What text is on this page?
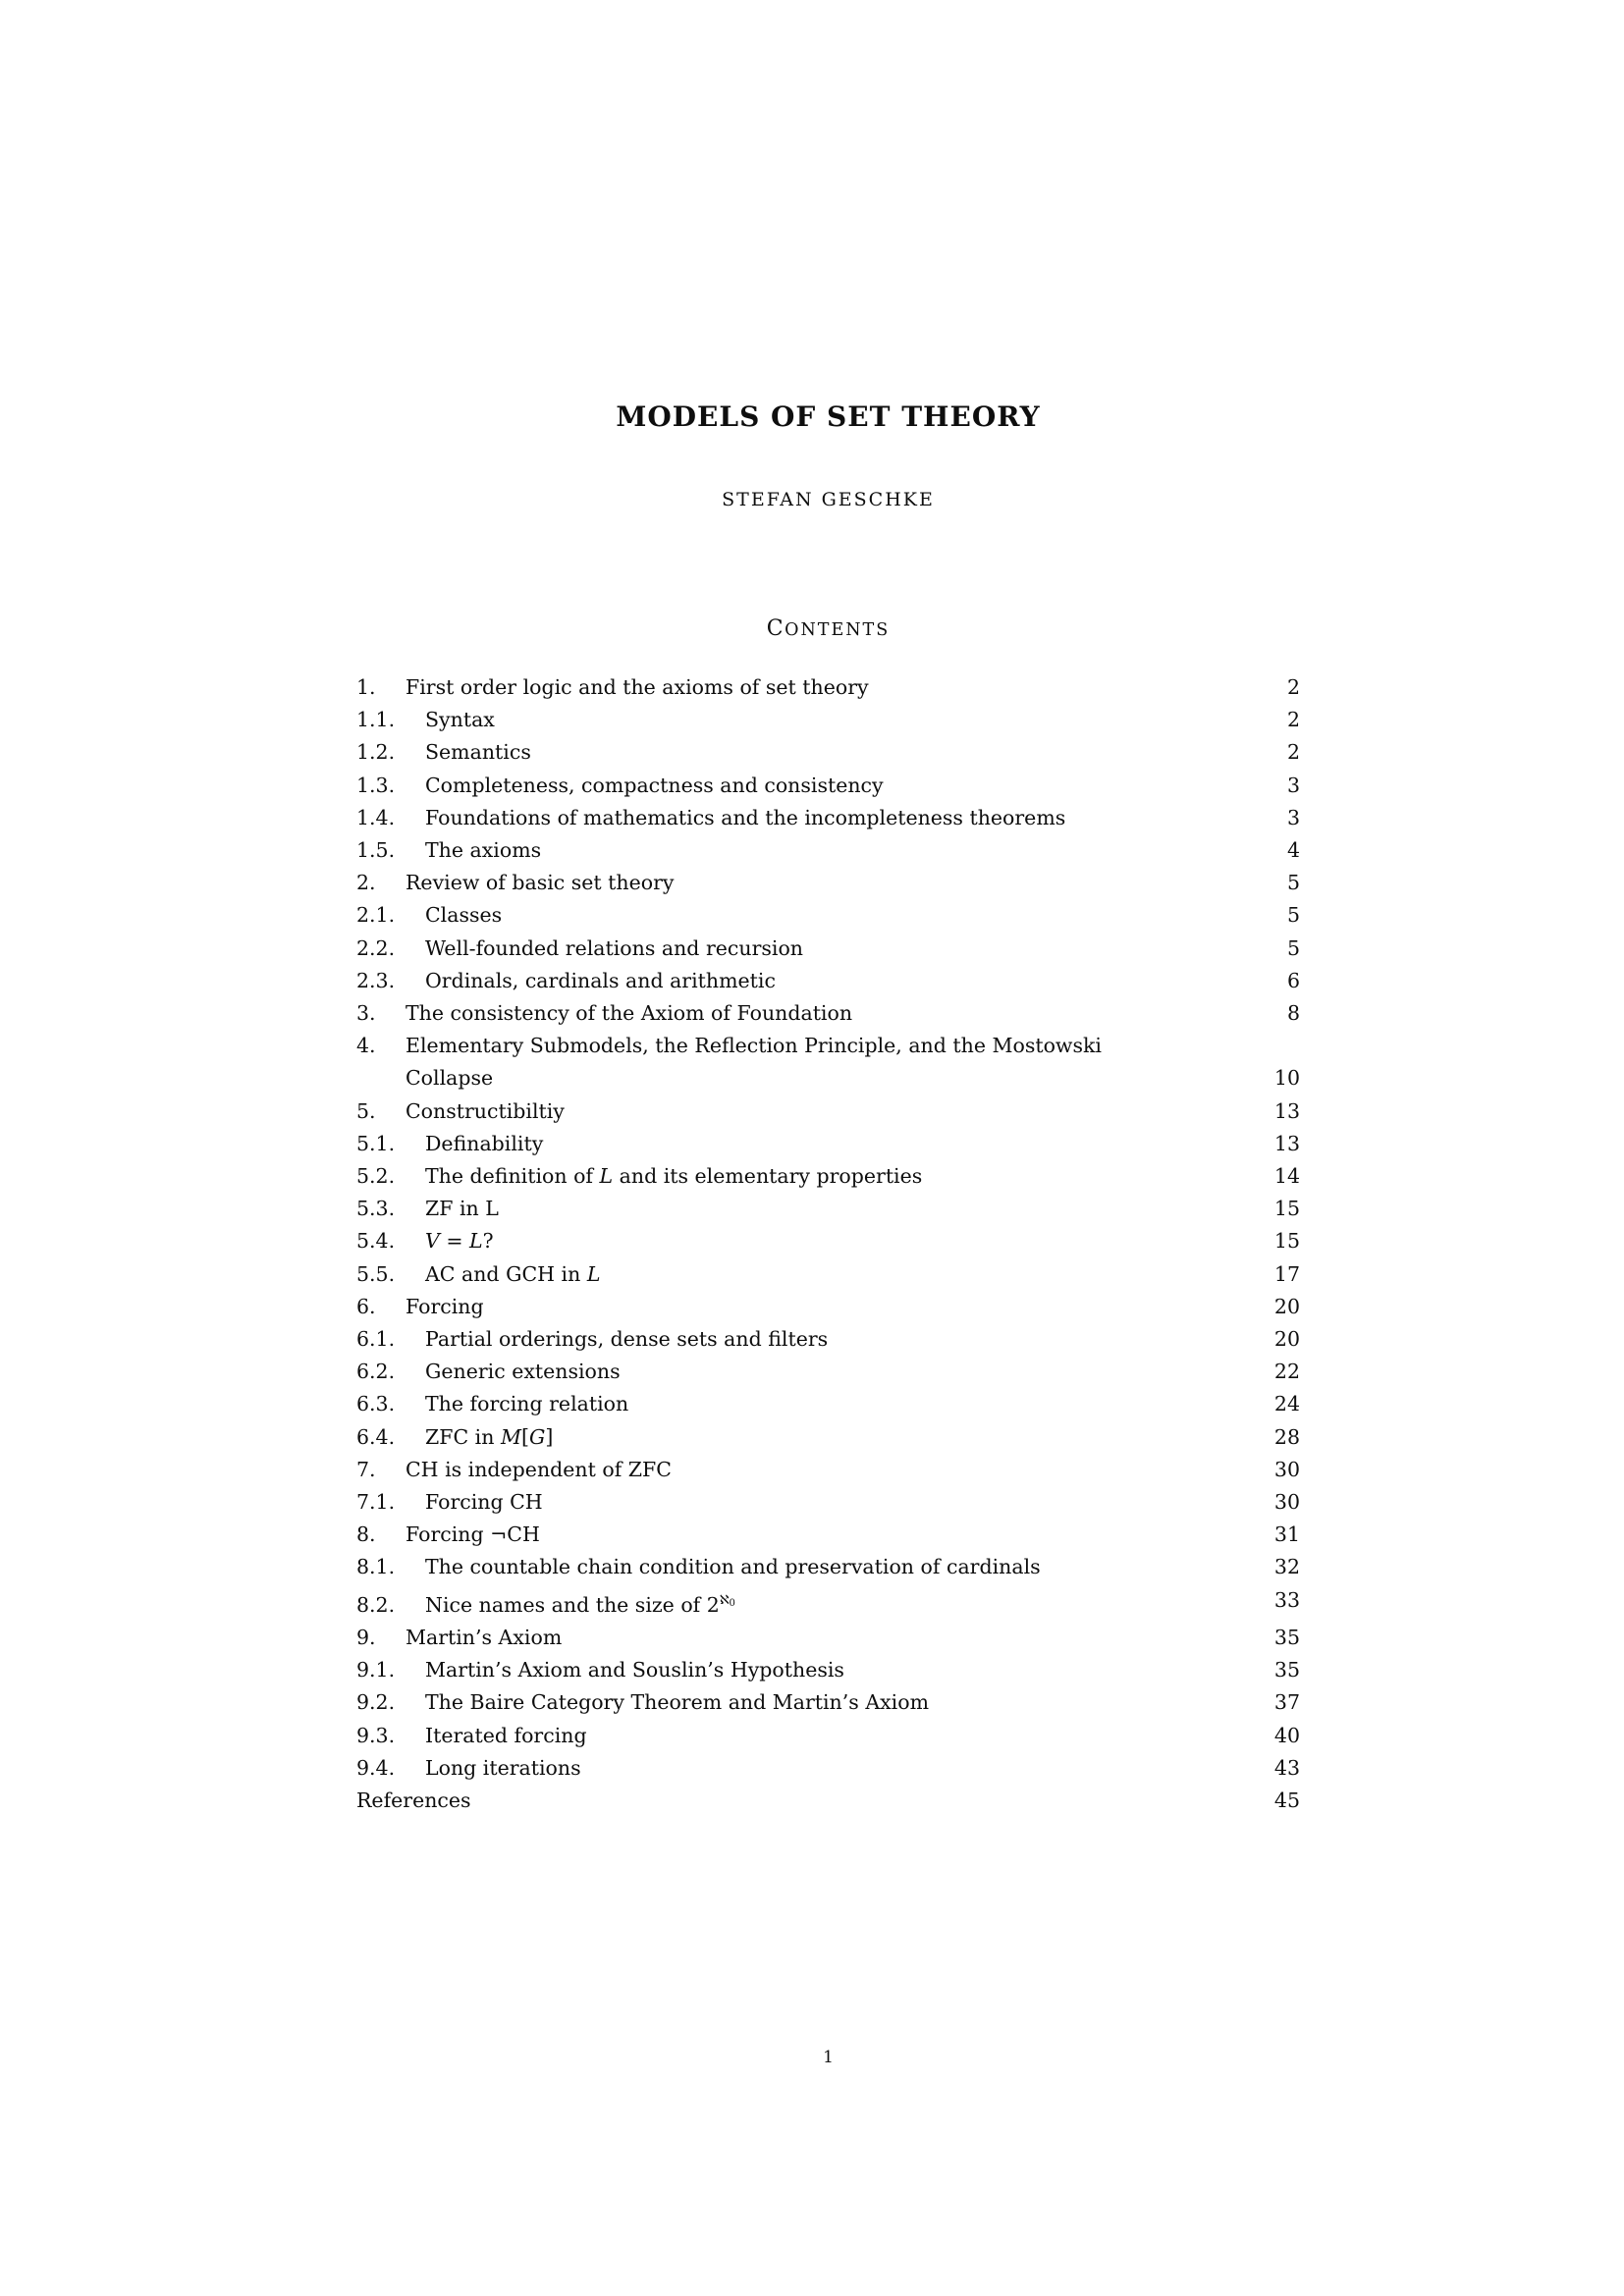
MODELS OF SET THEORY
STEFAN GESCHKE
CONTENTS
1. First order logic and the axioms of set theory	2
1.1. Syntax	2
1.2. Semantics	2
1.3. Completeness, compactness and consistency	3
1.4. Foundations of mathematics and the incompleteness theorems	3
1.5. The axioms	4
2. Review of basic set theory	5
2.1. Classes	5
2.2. Well-founded relations and recursion	5
2.3. Ordinals, cardinals and arithmetic	6
3. The consistency of the Axiom of Foundation	8
4. Elementary Submodels, the Reflection Principle, and the Mostowski
Collapse	10
5. Constructibiltiy	13
5.1. Definability	13
5.2. The definition of L and its elementary properties	14
5.3. ZF in L	15
5.4. V = L?	15
5.5. AC and GCH in L	17
6. Forcing	20
6.1. Partial orderings, dense sets and filters	20
6.2. Generic extensions	22
6.3. The forcing relation	24
6.4. ZFC in M[G]	28
7. CH is independent of ZFC	30
7.1. Forcing CH	30
8. Forcing ¬CH	31
8.1. The countable chain condition and preservation of cardinals	32
8.2. Nice names and the size of $2^{ℵ0}$	33
9. Martin’s Axiom	35
9.1. Martin’s Axiom and Souslin’s Hypothesis	35
9.2. The Baire Category Theorem and Martin’s Axiom	37
9.3. Iterated forcing	40
9.4. Long iterations	43
References	45
1
